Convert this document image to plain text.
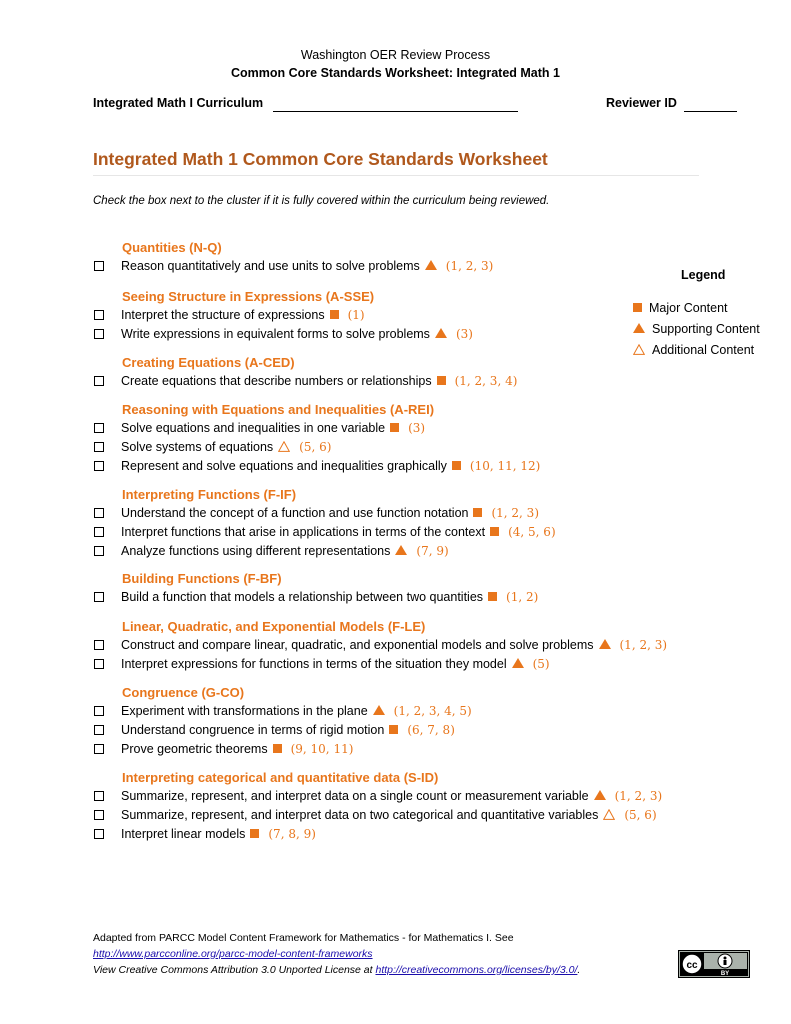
Washington OER Review Process
Common Core Standards Worksheet: Integrated Math 1
Integrated Math I Curriculum	Reviewer ID
Integrated Math 1 Common Core Standards Worksheet
Check the box next to the cluster if it is fully covered within the curriculum being reviewed.
Legend
Major Content
Supporting Content
Additional Content
Quantities (N-Q)
Reason quantitatively and use units to solve problems (1, 2, 3)
Seeing Structure in Expressions (A-SSE)
Interpret the structure of expressions (1)
Write expressions in equivalent forms to solve problems (3)
Creating Equations (A-CED)
Create equations that describe numbers or relationships (1, 2, 3, 4)
Reasoning with Equations and Inequalities (A-REI)
Solve equations and inequalities in one variable (3)
Solve systems of equations (5, 6)
Represent and solve equations and inequalities graphically (10, 11, 12)
Interpreting Functions (F-IF)
Understand the concept of a function and use function notation (1, 2, 3)
Interpret functions that arise in applications in terms of the context (4, 5, 6)
Analyze functions using different representations (7, 9)
Building Functions (F-BF)
Build a function that models a relationship between two quantities (1, 2)
Linear, Quadratic, and Exponential Models (F-LE)
Construct and compare linear, quadratic, and exponential models and solve problems (1, 2, 3)
Interpret expressions for functions in terms of the situation they model (5)
Congruence (G-CO)
Experiment with transformations in the plane (1, 2, 3, 4, 5)
Understand congruence in terms of rigid motion (6, 7, 8)
Prove geometric theorems (9, 10, 11)
Interpreting categorical and quantitative data (S-ID)
Summarize, represent, and interpret data on a single count or measurement variable (1, 2, 3)
Summarize, represent, and interpret data on two categorical and quantitative variables (5, 6)
Interpret linear models (7, 8, 9)
Adapted from PARCC Model Content Framework for Mathematics - for Mathematics I. See
http://www.parcconline.org/parcc-model-content-frameworks
View Creative Commons Attribution 3.0 Unported License at http://creativecommons.org/licenses/by/3.0/.	cc
BY
